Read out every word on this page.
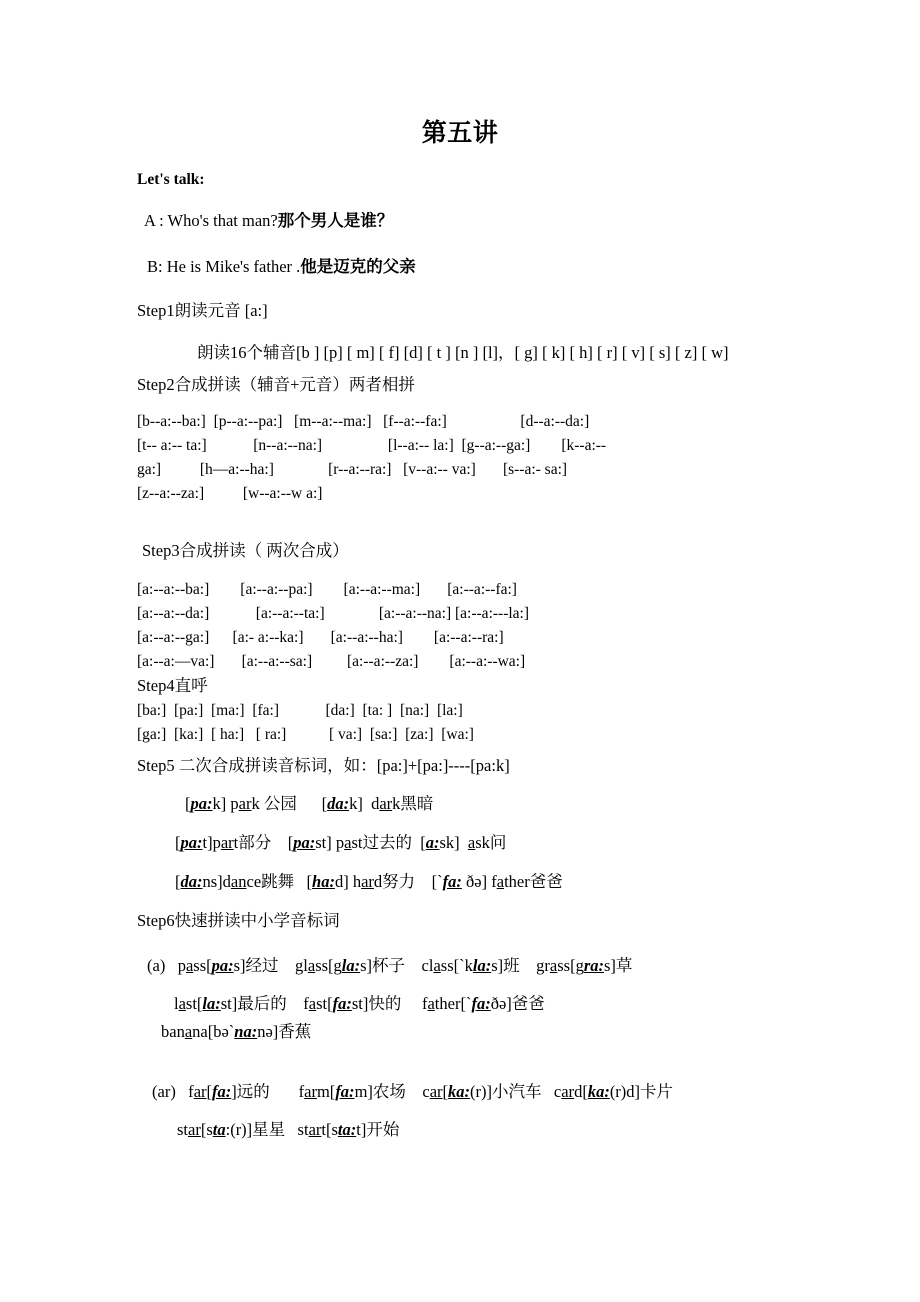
第五讲
Let's talk:
A : Who's that man?那个男人是谁？
B: He is Mike's father .他是迈克的父亲
Step1朗读元音 [a:]
朗读16个辅音[b ] [p] [ m] [ f] [d] [ t ] [n ] [l]，[ g] [ k] [ h] [ r] [ v] [ s] [ z] [ w]
Step2合成拼读（辅音+元音）两者相拼
[b--a:--ba:]  [p--a:--pa:]   [m--a:--ma:]   [f--a:--fa:]                   [d--a:--da:]
[t-- a:-- ta:]            [n--a:--na:]                 [l--a:-- la:]  [g--a:--ga:]        [k--a:--
ga:]          [h—a:--ha:]              [r--a:--ra:]   [v--a:-- va:]       [s--a:- sa:]
[z--a:--za:]          [w--a:--w a:]
Step3合成拼读（ 两次合成）
[a:--a:--ba:]        [a:--a:--pa:]        [a:--a:--ma:]       [a:--a:--fa:]
[a:--a:--da:]            [a:--a:--ta:]              [a:--a:--na:] [a:--a:---la:]
[a:--a:--ga:]      [a:- a:--ka:]       [a:--a:--ha:]        [a:--a:--ra:]
[a:--a:—va:]       [a:--a:--sa:]         [a:--a:--za:]        [a:--a:--wa:]
Step4直呼
[ba:]  [pa:]  [ma:]  [fa:]            [da:]  [ta: ]  [na:]  [la:]
[ga:]  [ka:]  [ ha:]   [ ra:]           [ va:]  [sa:]  [za:]  [wa:]
Step5 二次合成拼读音标词，如：[pa:]+[pa:]----[pa:k]
[pa:k] park 公园      [da:k]  dark黑暗
[pa:t]part部分    [pa:st] past过去的  [a:sk]  ask问
[da:ns]dance跳舞   [ha:d] hard努力    [`fa: ðə] father爸爸
Step6快速拼读中小学音标词
(a)   pass[pa:s]经过    glass[gla:s]杯子    class[`kla:s]班    grass[gra:s]草
last[la:st]最后的    fast[fa:st]快的     father[`fa:ðə]爸爸
banana[bə`na:nə]香蕉
(ar)   far[fa:]远的       farm[fa:m]农场    car[ka:(r)]小汽车   card[ka:(r)d]卡片
star[sta:(r)]星星   start[sta:t]开始
